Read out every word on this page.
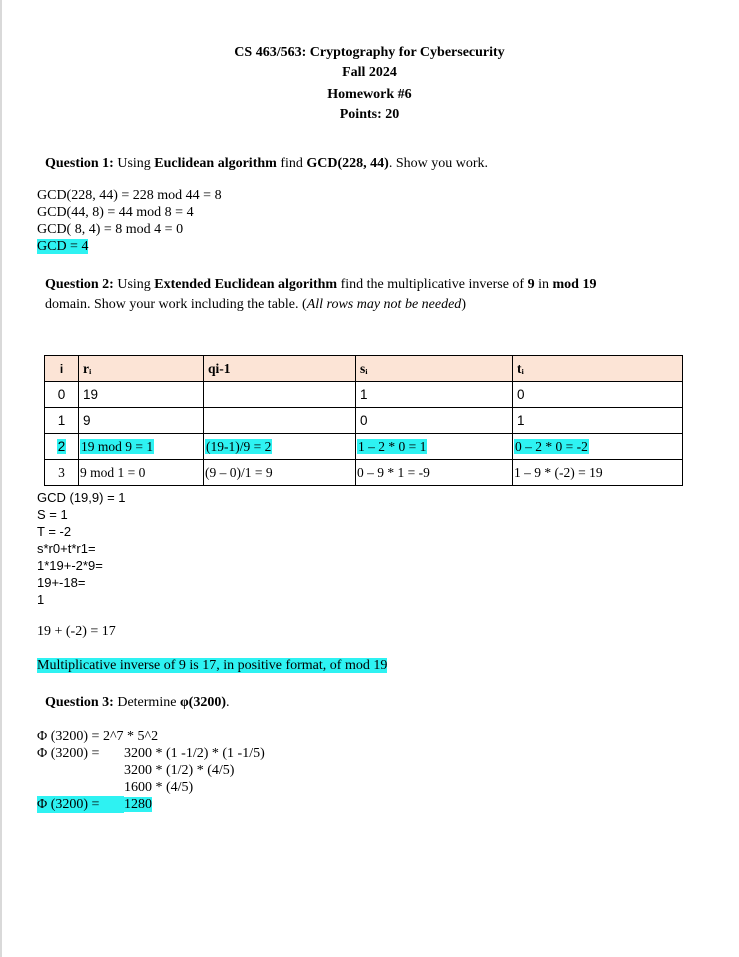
CS 463/563: Cryptography for Cybersecurity
Fall 2024
Homework #6
Points: 20
Question 1: Using Euclidean algorithm find GCD(228, 44). Show you work.
GCD(228, 44) = 228 mod 44 = 8
GCD(44, 8) = 44 mod 8 = 4
GCD( 8, 4) = 8 mod 4 = 0
GCD = 4
Question 2: Using Extended Euclidean algorithm find the multiplicative inverse of 9 in mod 19
domain. Show your work including the table. (All rows may not be needed)
i	rᵢ	qi-1	sᵢ	tᵢ
0	19		1	0
1	9		0	1
2	19 mod 9 = 1	(19-1)/9 = 2	1 – 2 * 0 = 1	0 – 2 * 0 = -2
3	9 mod 1 = 0	(9 – 0)/1 = 9	0 – 9 * 1 = -9	1 – 9 * (-2) = 19
GCD (19,9) = 1
S = 1
T = -2
s*r0+t*r1=
1*19+-2*9=
19+-18=
1
19 + (-2) = 17
Multiplicative inverse of 9 is 17, in positive format, of mod 19
Question 3: Determine φ(3200).
Φ (3200) = 2^7 * 5^2
Φ (3200) = 3200 * (1 -1/2) * (1 -1/5)
3200 * (1/2) * (4/5)
1600 * (4/5)
Φ (3200) = 1280
